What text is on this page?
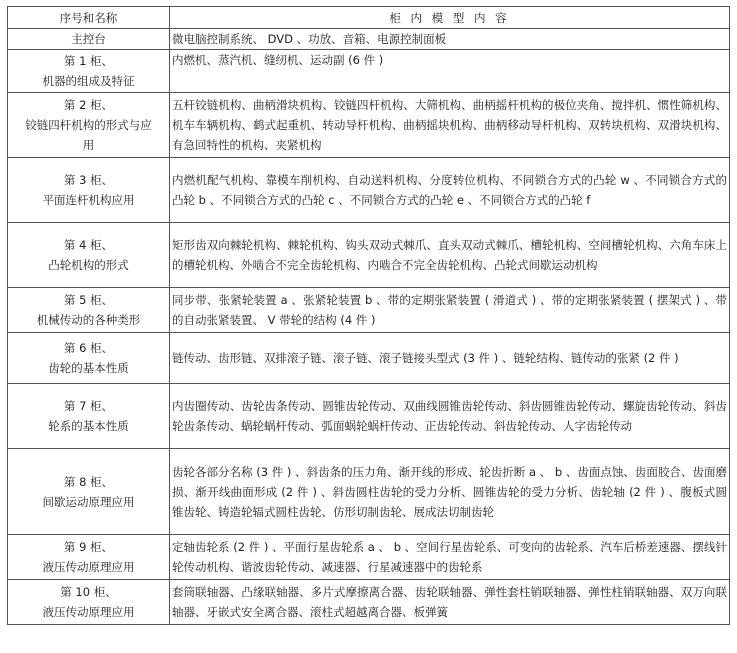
序号和名称	柜 内 模 型 内 容

主控台	微电脑控制系统、 DVD 、功放、音箱、电源控制面板

第 1 柜、
机器的组成及特征	内燃机、蒸汽机、缝纫机、运动副 (6 件 )

第 2 柜、
铰链四杆机构的形式与应
用	五杆铰链机构、曲柄滑块机构、铰链四杆机构、大筛机构、曲柄摇杆机构的极位夹角、搅拌机、惯性筛机构、机车车辆机构、鹤式起重机、转动导杆机构、曲柄摇块机构、曲柄移动导杆机构、双转块机构、双滑块机构、有急回特性的机构、夹紧机构

第 3 柜、
平面连杆机构应用	内燃机配气机构、靠模车削机构、自动送料机构、分度转位机构、不同锁合方式的凸轮 w 、不同锁合方式的凸轮 b 、不同锁合方式的凸轮 c 、不同锁合方式的凸轮 e 、不同锁合方式的凸轮 f

第 4 柜、
凸轮机构的形式	矩形齿双向棘轮机构、棘轮机构、钩头双动式棘爪、直头双动式棘爪、槽轮机构、空间槽轮机构、六角车床上的槽轮机构、外啮合不完全齿轮机构、内啮合不完全齿轮机构、凸轮式间歇运动机构

第 5 柜、
机械传动的各种类形	同步带、张紧轮装置 a 、张紧轮装置 b 、带的定期张紧装置 ( 滑道式 ) 、带的定期张紧装置 ( 摆架式 ) 、带的自动张紧装置、 V 带轮的结构 (4 件 )

第 6 柜、
齿轮的基本性质	链传动、齿形链、双排滚子链、滚子链、滚子链接头型式 (3 件 ) 、链轮结构、链传动的张紧 (2 件 )

第 7 柜、
轮系的基本性质	内齿圈传动、齿轮齿条传动、圆锥齿轮传动、双曲线圆锥齿轮传动、斜齿圆锥齿轮传动、螺旋齿轮传动、斜齿轮齿条传动、蜗轮蜗杆传动、弧面蜗轮蜗杆传动、正齿轮传动、斜齿轮传动、人字齿轮传动

第 8 柜、
间歇运动原理应用	齿轮各部分名称 (3 件 ) 、斜齿条的压力角、渐开线的形成、轮齿折断 a 、 b 、齿面点蚀、齿面胶合、齿面磨损、渐开线曲面形成 (2 件 ) 、斜齿圆柱齿轮的受力分析、圆锥齿轮的受力分析、齿轮轴 (2 件 ) 、腹板式圆锥齿轮、铸造轮辐式圆柱齿轮、仿形切制齿轮、展成法切制齿轮

第 9 柜、
液压传动原理应用	定轴齿轮系 (2 件 ) 、平面行星齿轮系 a 、 b 、空间行星齿轮系、可变向的齿轮系、汽车后桥差速器、摆线针轮传动机构、谐波齿轮传动、减速器、行星减速器中的齿轮系

第 10 柜、
液压传动原理应用	套筒联轴器、凸缘联轴器、多片式摩擦离合器、齿轮联轴器、弹性套柱销联轴器、弹性柱销联轴器、双万向联轴器、牙嵌式安全离合器、滚柱式超越离合器、板弹簧
